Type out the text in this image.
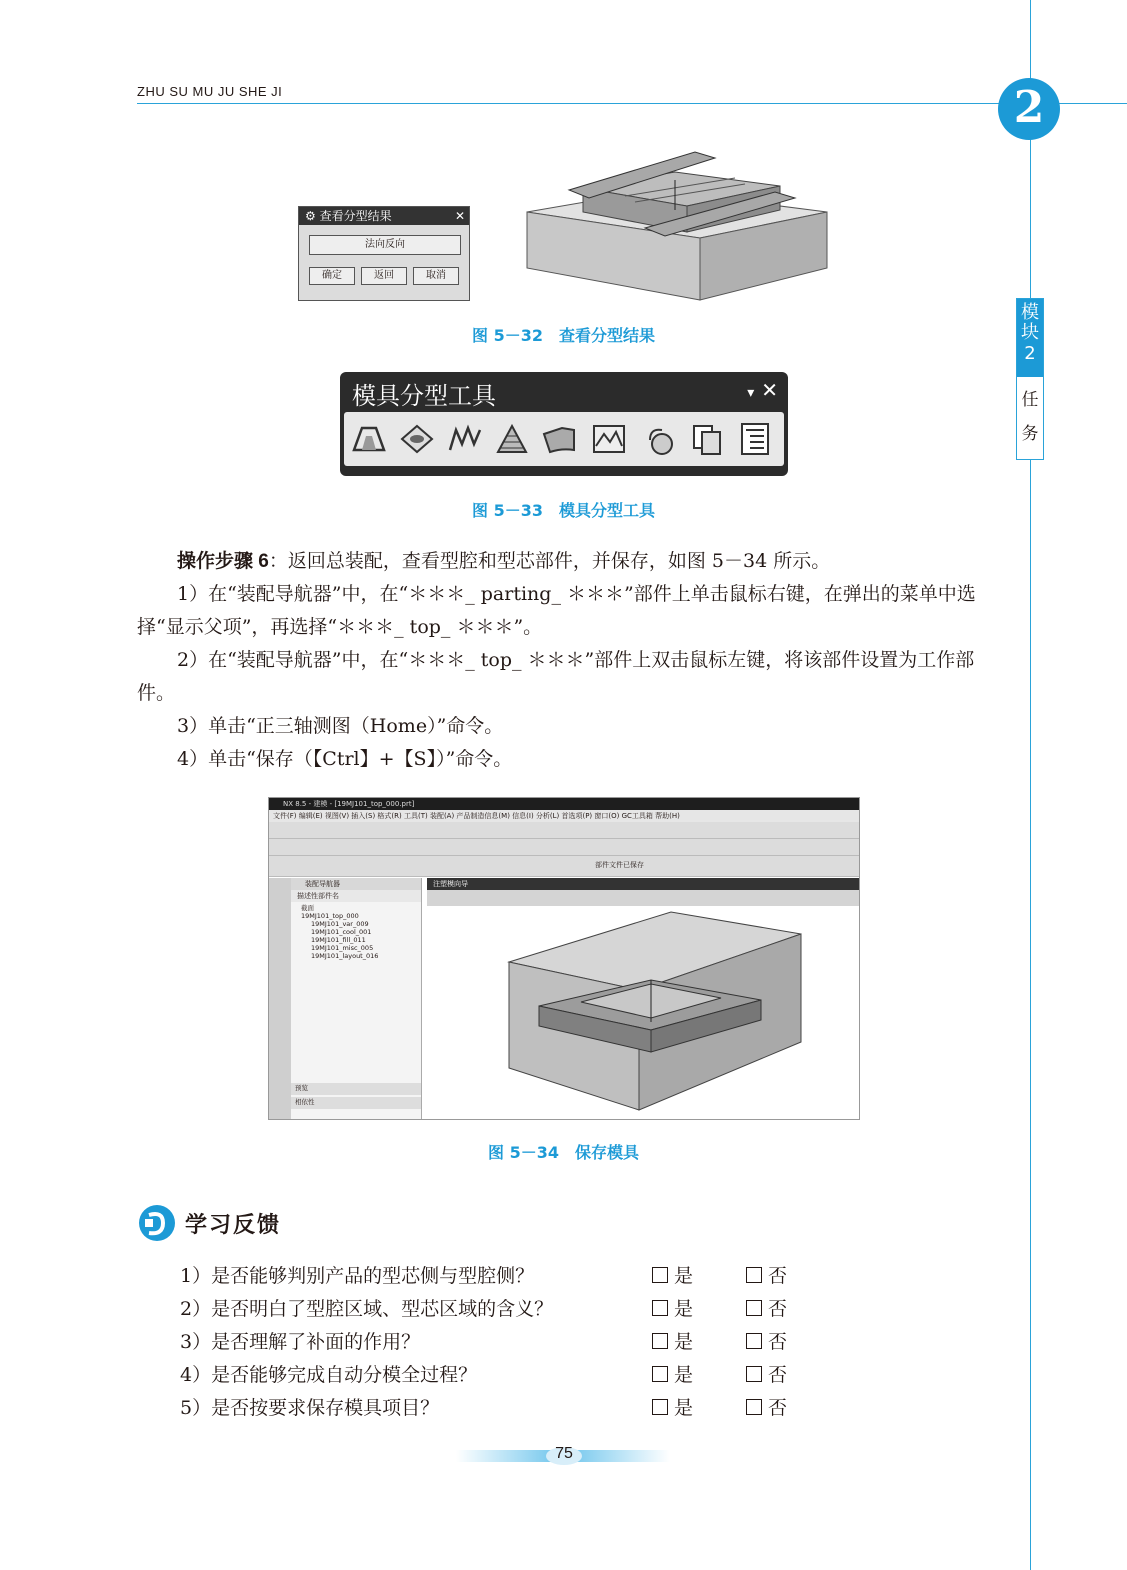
ZHU SU MU JU SHE JI	2
模块
2
任
务
⚙ 查看分型结果	✕
法向反向
确定	返回	取消
图 5－32　查看分型结果
模具分型工具	▾ ✕
图 5－33　模具分型工具
操作步骤 6：返回总装配，查看型腔和型芯部件，并保存，如图 5－34 所示。
1）在“装配导航器”中，在“＊＊＊_ parting_ ＊＊＊”部件上单击鼠标右键，在弹出的菜单中选择“显示父项”，再选择“＊＊＊_ top_ ＊＊＊”。
2）在“装配导航器”中，在“＊＊＊_ top_ ＊＊＊”部件上双击鼠标左键，将该部件设置为工作部件。
3）单击“正三轴测图（Home）”命令。
4）单击“保存（【Ctrl】+【S】）”命令。
NX 8.5 - 建模 - [19MJ101_top_000.prt]
文件(F) 编辑(E) 视图(V) 插入(S) 格式(R) 工具(T) 装配(A) 产品制造信息(M) 信息(I) 分析(L) 首选项(P) 窗口(O) GC工具箱 帮助(H)
部件文件已保存
装配导航器
描述性部件名
截面
19MJ101_top_000
19MJ101_var_009
19MJ101_cool_001
19MJ101_fill_011
19MJ101_misc_005
19MJ101_layout_016
预览
相依性
注塑模向导
图 5－34　保存模具
学习反馈
1）是否能够判别产品的型芯侧与型腔侧？	是	否
2）是否明白了型腔区域、型芯区域的含义？	是	否
3）是否理解了补面的作用？	是	否
4）是否能够完成自动分模全过程？	是	否
5）是否按要求保存模具项目？	是	否
75
